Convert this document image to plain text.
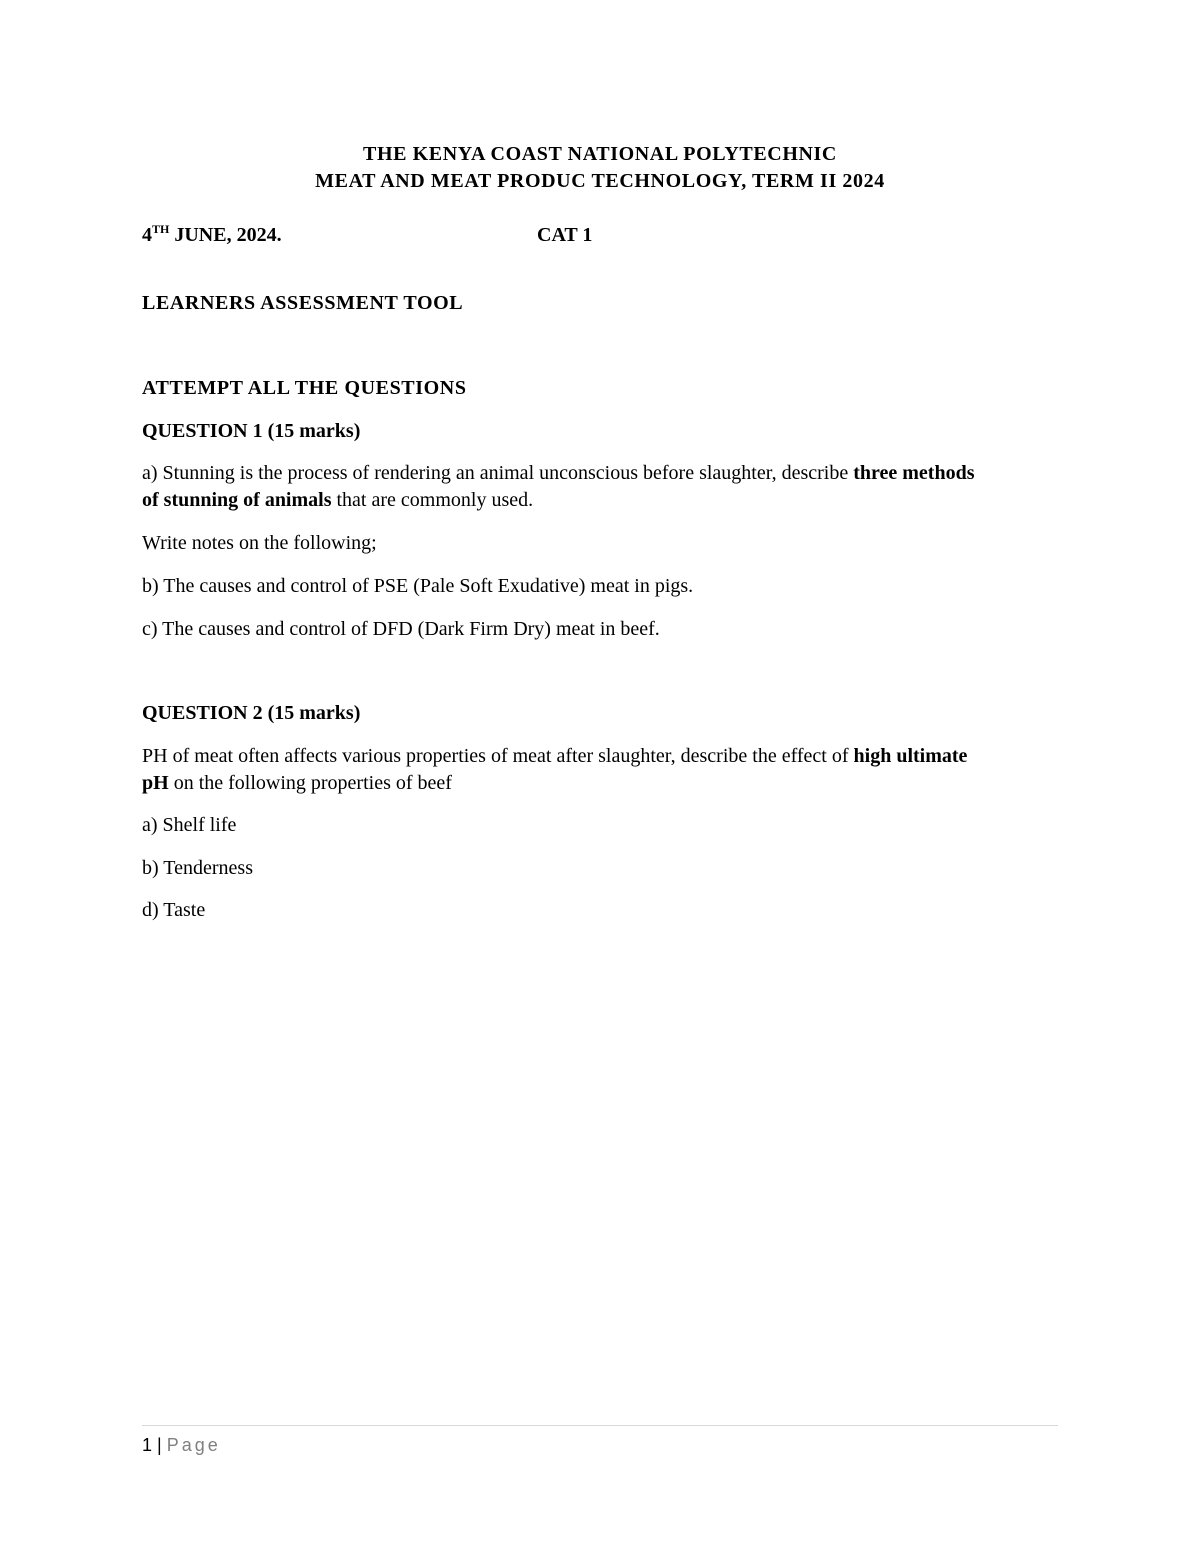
THE KENYA COAST NATIONAL POLYTECHNIC
MEAT AND MEAT PRODUC TECHNOLOGY, TERM II 2024
4TH JUNE, 2024.	CAT 1
LEARNERS ASSESSMENT TOOL
ATTEMPT ALL THE QUESTIONS
QUESTION 1 (15 marks)
a) Stunning is the process of rendering an animal unconscious before slaughter, describe three methods
of stunning of animals that are commonly used.
Write notes on the following;
b) The causes and control of PSE (Pale Soft Exudative) meat in pigs.
c) The causes and control of DFD (Dark Firm Dry) meat in beef.
QUESTION 2 (15 marks)
PH of meat often affects various properties of meat after slaughter, describe the effect of high ultimate
pH on the following properties of beef
a) Shelf life
b) Tenderness
d) Taste
1 | Page
